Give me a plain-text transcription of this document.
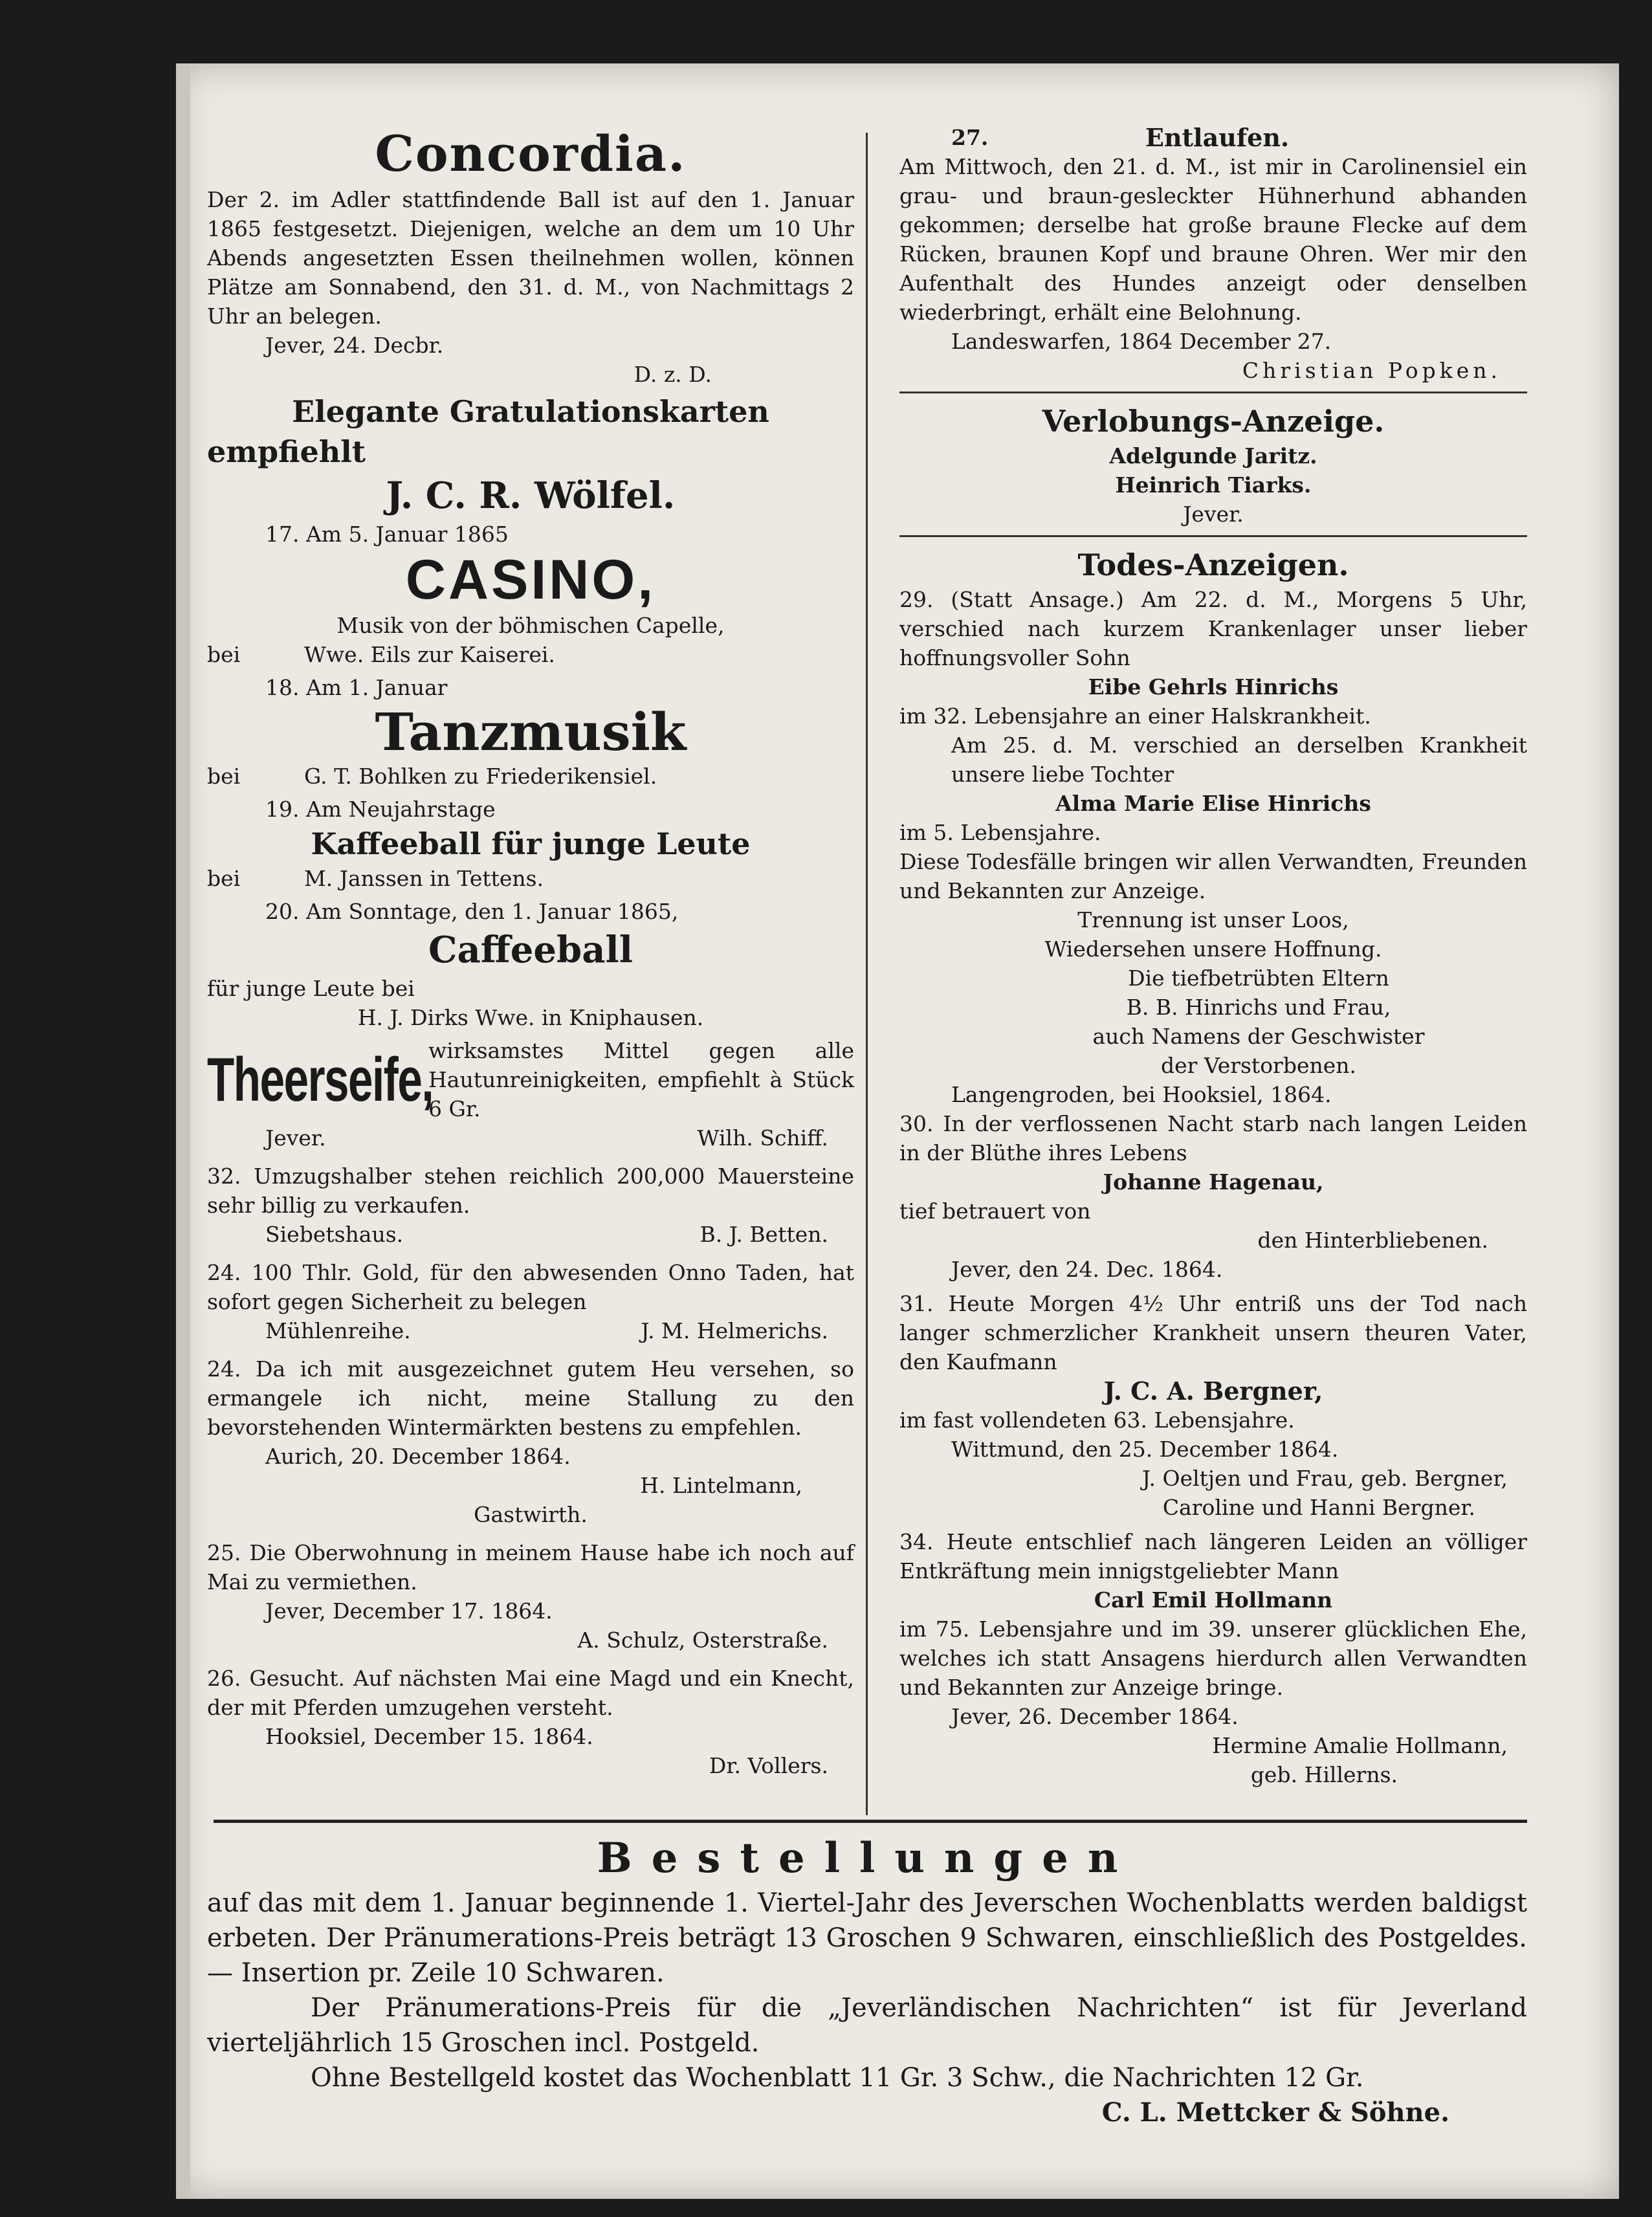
Concordia.

Der 2. im Adler stattfindende Ball ist auf den 1. Januar 1865 festgesetzt. Diejenigen, welche an dem um 10 Uhr Abends angesetzten Essen theilnehmen wollen, können Plätze am Sonnabend, den 31. d. M., von Nachmittags 2 Uhr an belegen.

Jever, 24. Decbr.

D. z. D.

Elegante Gratulationskarten
empfiehlt
J. C. R. Wölfel.

17. Am 5. Januar 1865

CASINO,

Musik von der böhmischen Capelle,

bei	Wwe. Eils zur Kaiserei.

18. Am 1. Januar

Tanzmusik

bei	G. T. Bohlken zu Friederikensiel.

19. Am Neujahrstage

Kaffeeball für junge Leute

bei	M. Janssen in Tettens.

20. Am Sonntage, den 1. Januar 1865,

Caffeeball

für junge Leute bei

H. J. Dirks Wwe. in Kniphausen.

Theerseife,

wirksamstes Mittel gegen alle Hautunreinigkeiten, empfiehlt à Stück 6 Gr.

Jever.	Wilh. Schiff.

32. Umzugshalber stehen reichlich 200,000 Mauersteine sehr billig zu verkaufen.

Siebetshaus.	B. J. Betten.

24. 100 Thlr. Gold, für den abwesenden Onno Taden, hat sofort gegen Sicherheit zu belegen

Mühlenreihe.	J. M. Helmerichs.

24. Da ich mit ausgezeichnet gutem Heu versehen, so ermangele ich nicht, meine Stallung zu den bevorstehenden Wintermärkten bestens zu empfehlen.

Aurich, 20. December 1864.

H. Lintelmann,

Gastwirth.

25. Die Oberwohnung in meinem Hause habe ich noch auf Mai zu vermiethen.

Jever, December 17. 1864.

A. Schulz, Osterstraße.

26. Gesucht. Auf nächsten Mai eine Magd und ein Knecht, der mit Pferden umzugehen versteht.

Hooksiel, December 15. 1864.

Dr. Vollers.

27.	Entlaufen.

Am Mittwoch, den 21. d. M., ist mir in Carolinensiel ein grau- und braun-gesleckter Hühnerhund abhanden gekommen; derselbe hat große braune Flecke auf dem Rücken, braunen Kopf und braune Ohren. Wer mir den Aufenthalt des Hundes anzeigt oder denselben wiederbringt, erhält eine Belohnung.

Landeswarfen, 1864 December 27.

Christian Popken.

Verlobungs-Anzeige.

Adelgunde Jaritz.

Heinrich Tiarks.

Jever.

Todes-Anzeigen.

29. (Statt Ansage.) Am 22. d. M., Morgens 5 Uhr, verschied nach kurzem Krankenlager unser lieber hoffnungsvoller Sohn

Eibe Gehrls Hinrichs

im 32. Lebensjahre an einer Halskrankheit.

Am 25. d. M. verschied an derselben Krankheit unsere liebe Tochter

Alma Marie Elise Hinrichs

im 5. Lebensjahre.

Diese Todesfälle bringen wir allen Verwandten, Freunden und Bekannten zur Anzeige.

Trennung ist unser Loos,

Wiedersehen unsere Hoffnung.

Die tiefbetrübten Eltern

B. B. Hinrichs und Frau,

auch Namens der Geschwister

der Verstorbenen.

Langengroden, bei Hooksiel, 1864.

30. In der verflossenen Nacht starb nach langen Leiden in der Blüthe ihres Lebens

Johanne Hagenau,

tief betrauert von

den Hinterbliebenen.

Jever, den 24. Dec. 1864.

31. Heute Morgen 4½ Uhr entriß uns der Tod nach langer schmerzlicher Krankheit unsern theuren Vater, den Kaufmann

J. C. A. Bergner,

im fast vollendeten 63. Lebensjahre.

Wittmund, den 25. December 1864.

J. Oeltjen und Frau, geb. Bergner,

Caroline und Hanni Bergner.

34. Heute entschlief nach längeren Leiden an völliger Entkräftung mein innigstgeliebter Mann

Carl Emil Hollmann

im 75. Lebensjahre und im 39. unserer glücklichen Ehe, welches ich statt Ansagens hierdurch allen Verwandten und Bekannten zur Anzeige bringe.

Jever, 26. December 1864.

Hermine Amalie Hollmann,

geb. Hillerns.

Bestellungen

auf das mit dem 1. Januar beginnende 1. Viertel-Jahr des Jeverschen Wochenblatts werden baldigst erbeten. Der Pränumerations-Preis beträgt 13 Groschen 9 Schwaren, einschließlich des Postgeldes. — Insertion pr. Zeile 10 Schwaren.

Der Pränumerations-Preis für die „Jeverländischen Nachrichten“ ist für Jeverland vierteljährlich 15 Groschen incl. Postgeld.

Ohne Bestellgeld kostet das Wochenblatt 11 Gr. 3 Schw., die Nachrichten 12 Gr.

C. L. Mettcker & Söhne.
